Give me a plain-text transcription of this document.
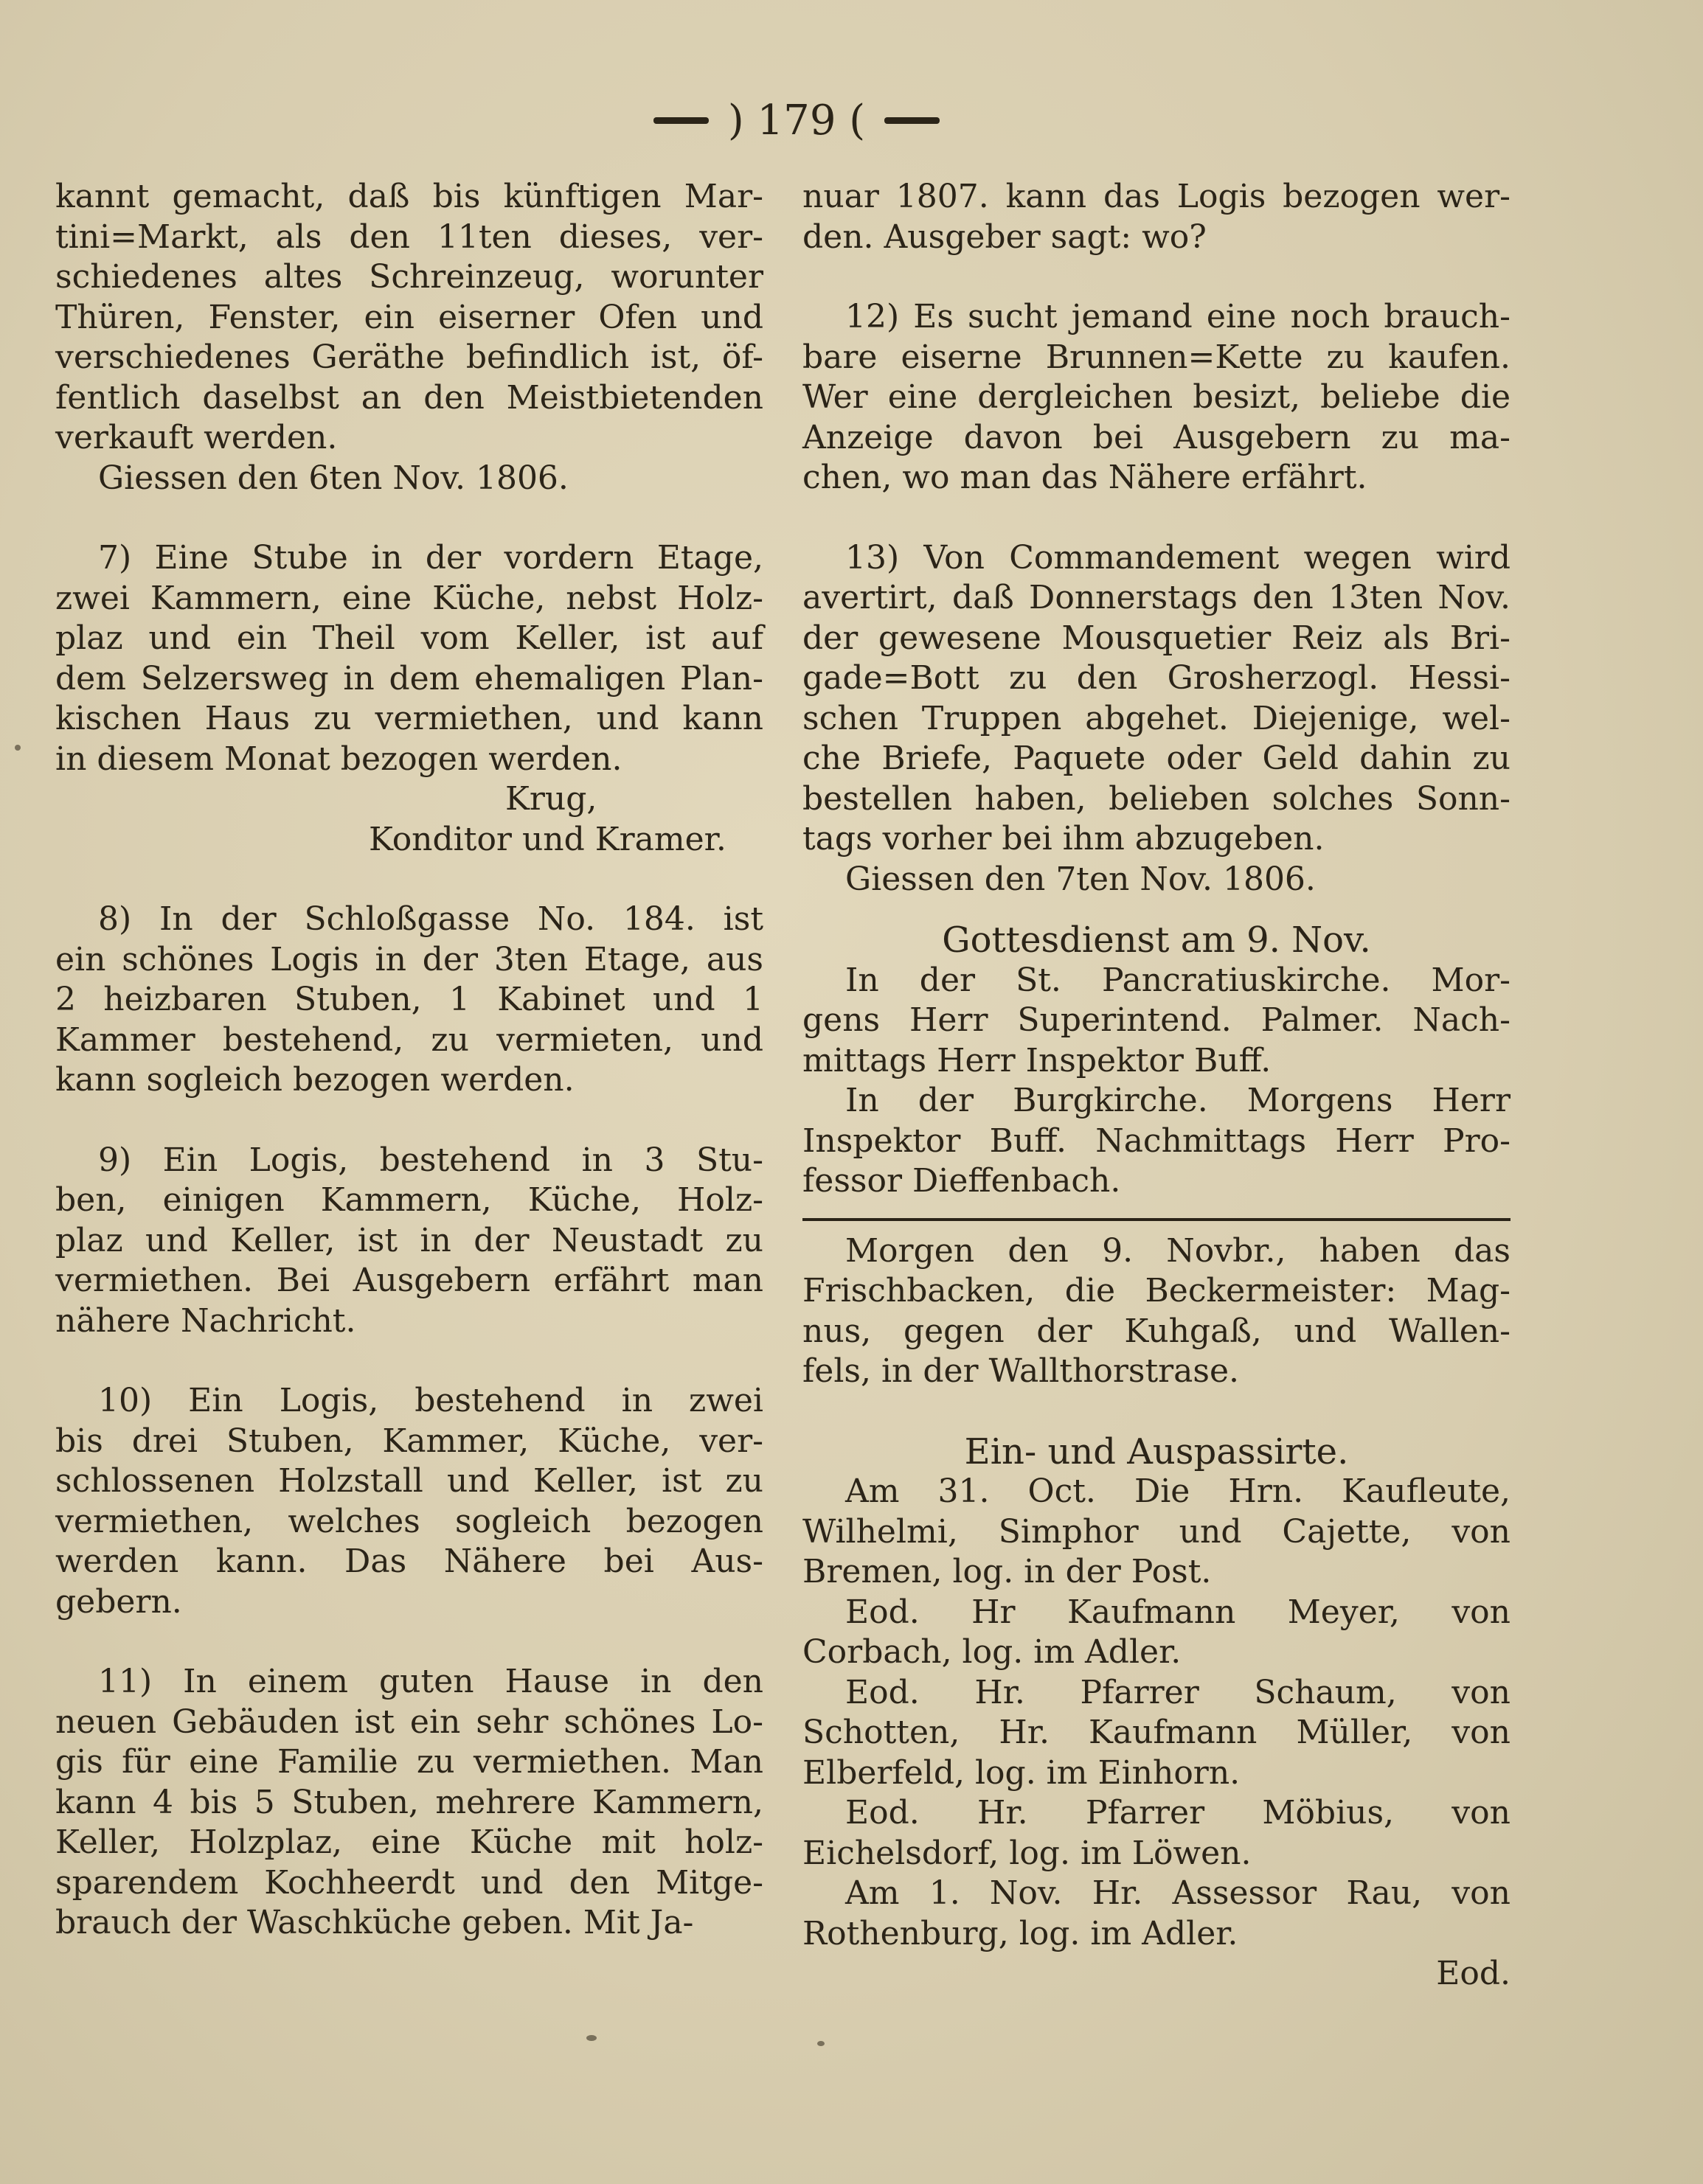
) 179 (

kannt gemacht, daß bis künftigen Mar-

tini=Markt, als den 11ten dieses, ver-

schiedenes altes Schreinzeug, worunter

Thüren, Fenster, ein eiserner Ofen und

verschiedenes Geräthe befindlich ist, öf-

fentlich daselbst an den Meistbietenden

verkauft werden.

Giessen den 6ten Nov. 1806.

7) Eine Stube in der vordern Etage,

zwei Kammern, eine Küche, nebst Holz-

plaz und ein Theil vom Keller, ist auf

dem Selzersweg in dem ehemaligen Plan-

kischen Haus zu vermiethen, und kann

in diesem Monat bezogen werden.

Krug,

Konditor und Kramer.

8) In der Schloßgasse No. 184. ist

ein schönes Logis in der 3ten Etage, aus

2 heizbaren Stuben, 1 Kabinet und 1

Kammer bestehend, zu vermieten, und

kann sogleich bezogen werden.

9) Ein Logis, bestehend in 3 Stu-

ben, einigen Kammern, Küche, Holz-

plaz und Keller, ist in der Neustadt zu

vermiethen. Bei Ausgebern erfährt man

nähere Nachricht.

10) Ein Logis, bestehend in zwei

bis drei Stuben, Kammer, Küche, ver-

schlossenen Holzstall und Keller, ist zu

vermiethen, welches sogleich bezogen

werden kann. Das Nähere bei Aus-

gebern.

11) In einem guten Hause in den

neuen Gebäuden ist ein sehr schönes Lo-

gis für eine Familie zu vermiethen. Man

kann 4 bis 5 Stuben, mehrere Kammern,

Keller, Holzplaz, eine Küche mit holz-

sparendem Kochheerdt und den Mitge-

brauch der Waschküche geben. Mit Ja-

nuar 1807. kann das Logis bezogen wer-

den. Ausgeber sagt: wo?

12) Es sucht jemand eine noch brauch-

bare eiserne Brunnen=Kette zu kaufen.

Wer eine dergleichen besizt, beliebe die

Anzeige davon bei Ausgebern zu ma-

chen, wo man das Nähere erfährt.

13) Von Commandement wegen wird

avertirt, daß Donnerstags den 13ten Nov.

der gewesene Mousquetier Reiz als Bri-

gade=Bott zu den Grosherzogl. Hessi-

schen Truppen abgehet. Diejenige, wel-

che Briefe, Paquete oder Geld dahin zu

bestellen haben, belieben solches Sonn-

tags vorher bei ihm abzugeben.

Giessen den 7ten Nov. 1806.

Gottesdienst am 9. Nov.

In der St. Pancratiuskirche. Mor-

gens Herr Superintend. Palmer. Nach-

mittags Herr Inspektor Buff.

In der Burgkirche. Morgens Herr

Inspektor Buff. Nachmittags Herr Pro-

fessor Dieffenbach.

Morgen den 9. Novbr., haben das

Frischbacken, die Beckermeister: Mag-

nus, gegen der Kuhgaß, und Wallen-

fels, in der Wallthorstrase.

Ein- und Auspassirte.

Am 31. Oct. Die Hrn. Kaufleute,

Wilhelmi, Simphor und Cajette, von

Bremen, log. in der Post.

Eod. Hr Kaufmann Meyer, von

Corbach, log. im Adler.

Eod. Hr. Pfarrer Schaum, von

Schotten, Hr. Kaufmann Müller, von

Elberfeld, log. im Einhorn.

Eod. Hr. Pfarrer Möbius, von

Eichelsdorf, log. im Löwen.

Am 1. Nov. Hr. Assessor Rau, von

Rothenburg, log. im Adler.

Eod.
